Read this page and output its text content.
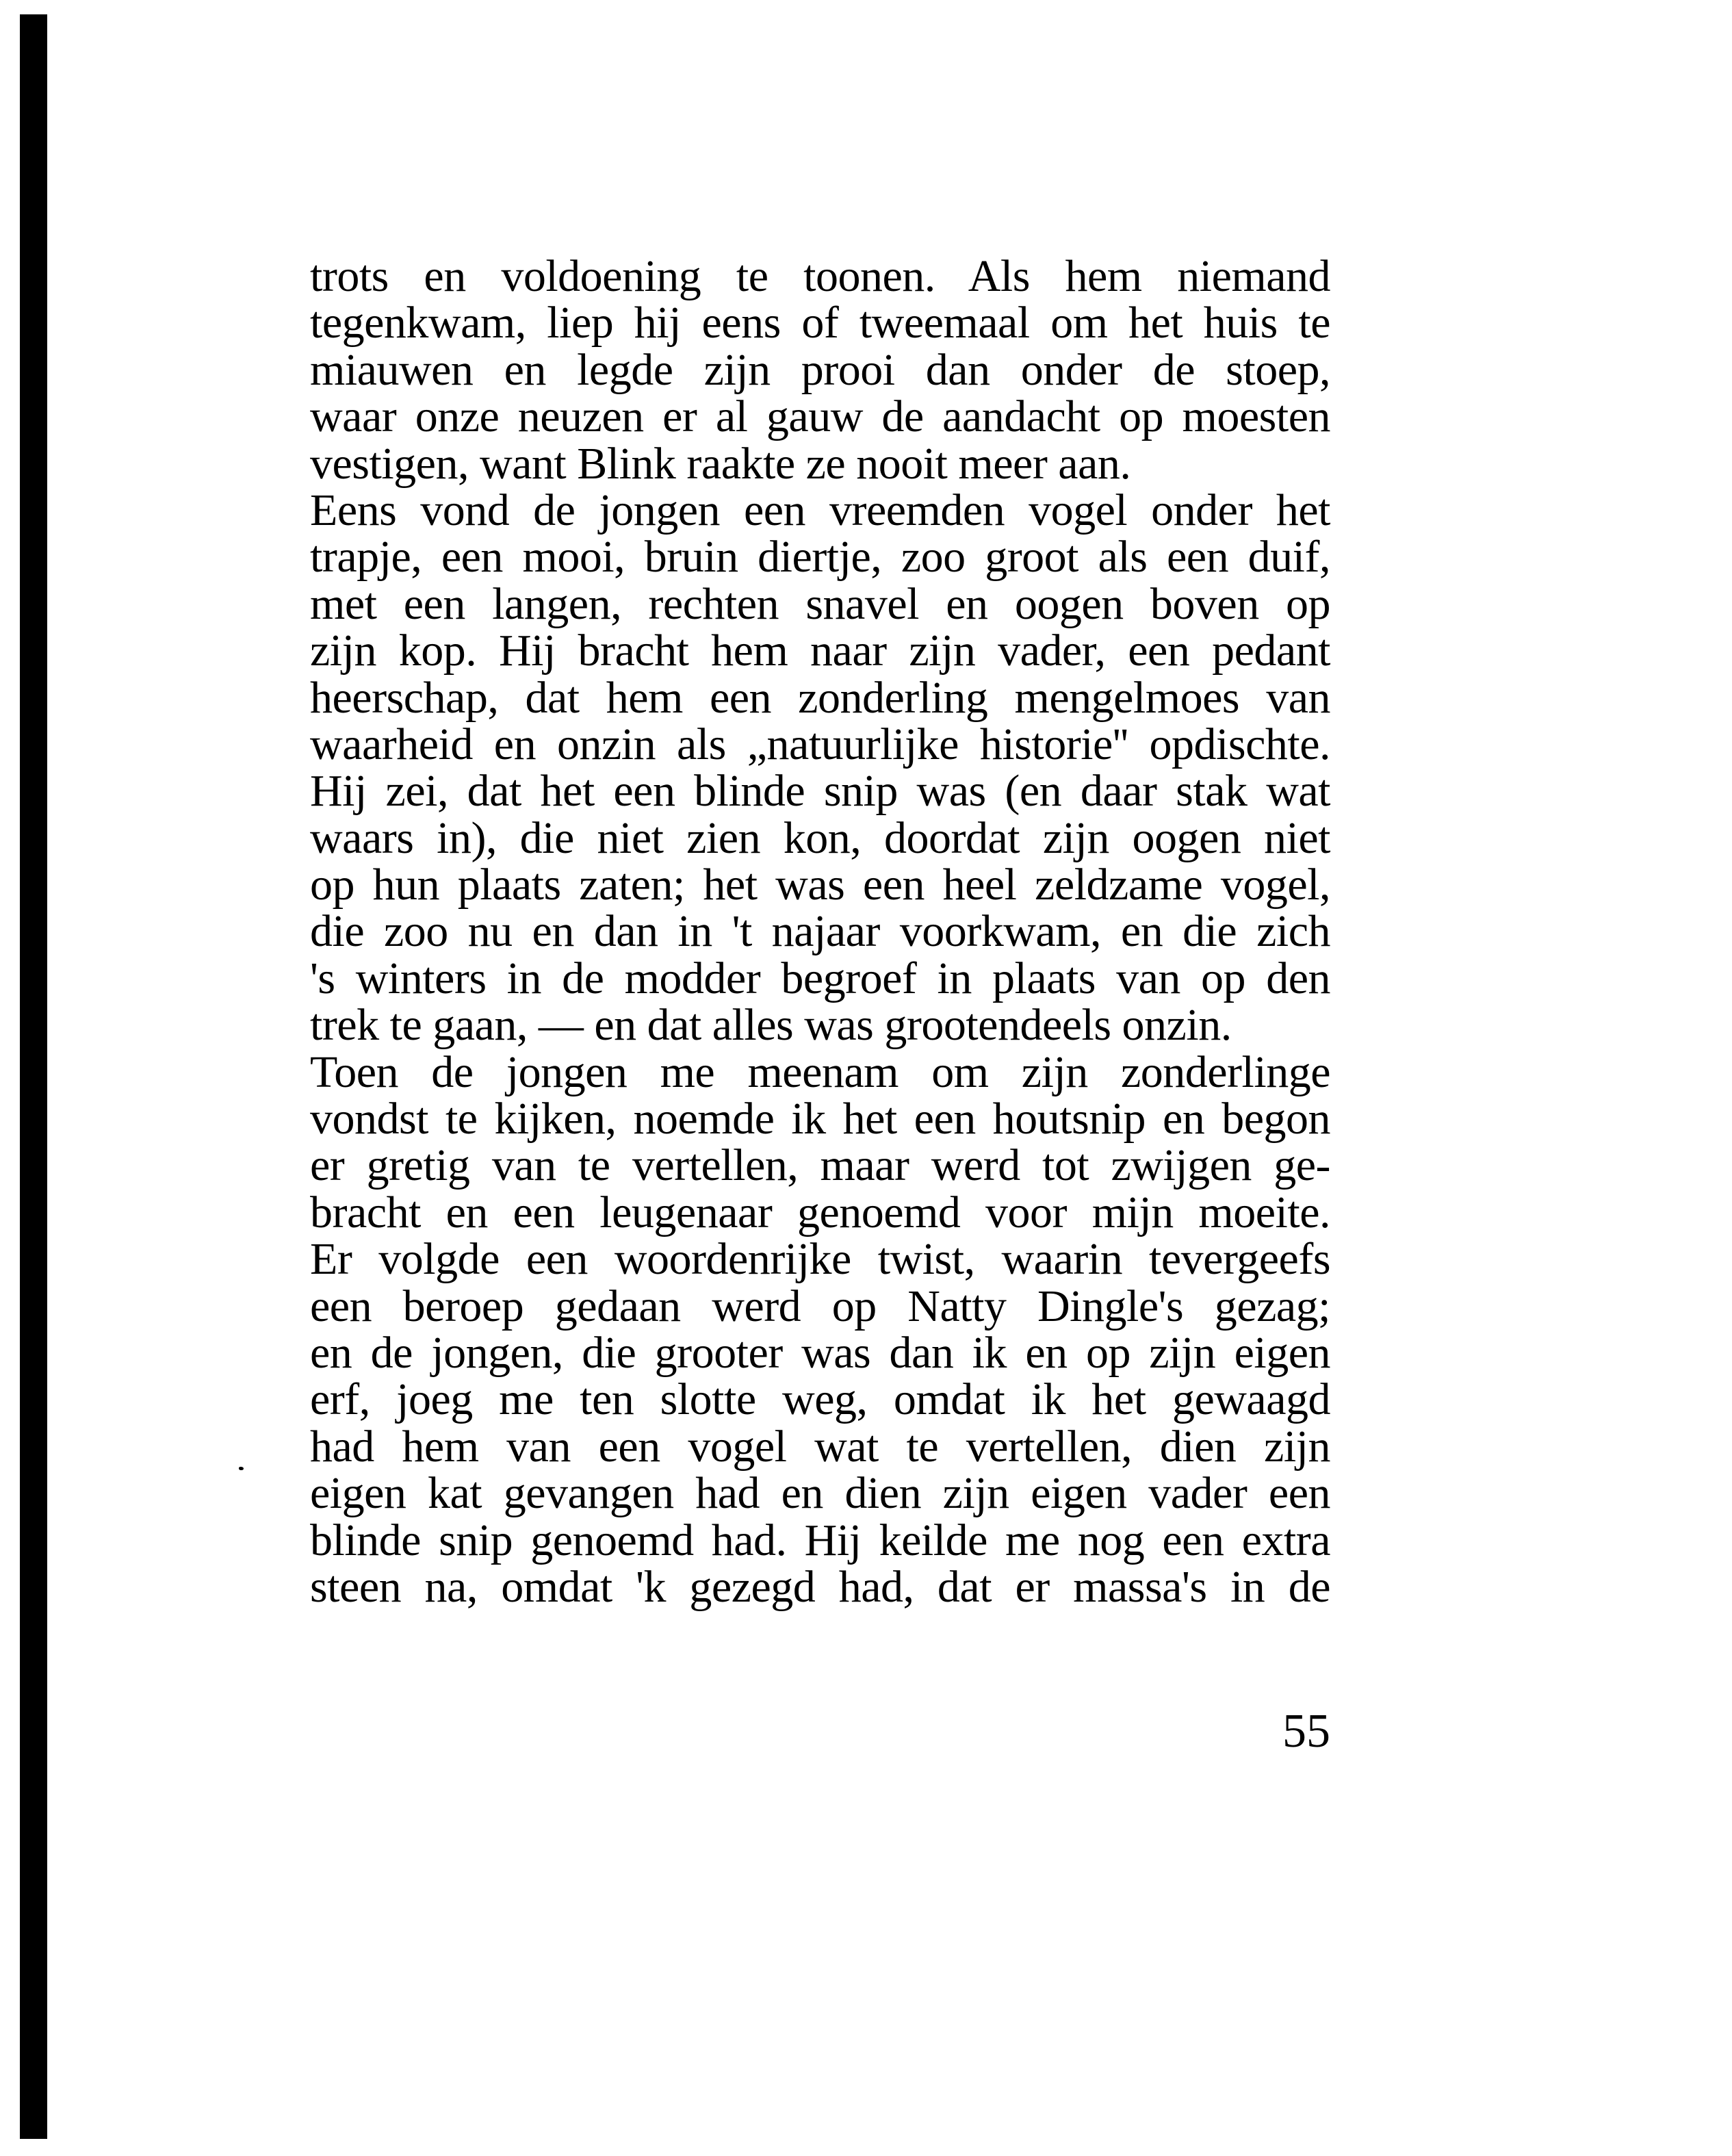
trots en voldoening te toonen. Als hem niemand
tegenkwam, liep hij eens of tweemaal om het huis te
miauwen en legde zijn prooi dan onder de stoep,
waar onze neuzen er al gauw de aandacht op moesten
vestigen, want Blink raakte ze nooit meer aan.
Eens vond de jongen een vreemden vogel onder het
trapje, een mooi, bruin diertje, zoo groot als een duif,
met een langen, rechten snavel en oogen boven op
zijn kop. Hij bracht hem naar zijn vader, een pedant
heerschap, dat hem een zonderling mengelmoes van
waarheid en onzin als „natuurlijke historie'' opdischte.
Hij zei, dat het een blinde snip was (en daar stak wat
waars in), die niet zien kon, doordat zijn oogen niet
op hun plaats zaten; het was een heel zeldzame vogel,
die zoo nu en dan in 't najaar voorkwam, en die zich
's winters in de modder begroef in plaats van op den
trek te gaan, — en dat alles was grootendeels onzin.
Toen de jongen me meenam om zijn zonderlinge
vondst te kijken, noemde ik het een houtsnip en begon
er gretig van te vertellen, maar werd tot zwijgen ge-
bracht en een leugenaar genoemd voor mijn moeite.
Er volgde een woordenrijke twist, waarin tevergeefs
een beroep gedaan werd op Natty Dingle's gezag;
en de jongen, die grooter was dan ik en op zijn eigen
erf, joeg me ten slotte weg, omdat ik het gewaagd
had hem van een vogel wat te vertellen, dien zijn
eigen kat gevangen had en dien zijn eigen vader een
blinde snip genoemd had. Hij keilde me nog een extra
steen na, omdat 'k gezegd had, dat er massa's in de
55
